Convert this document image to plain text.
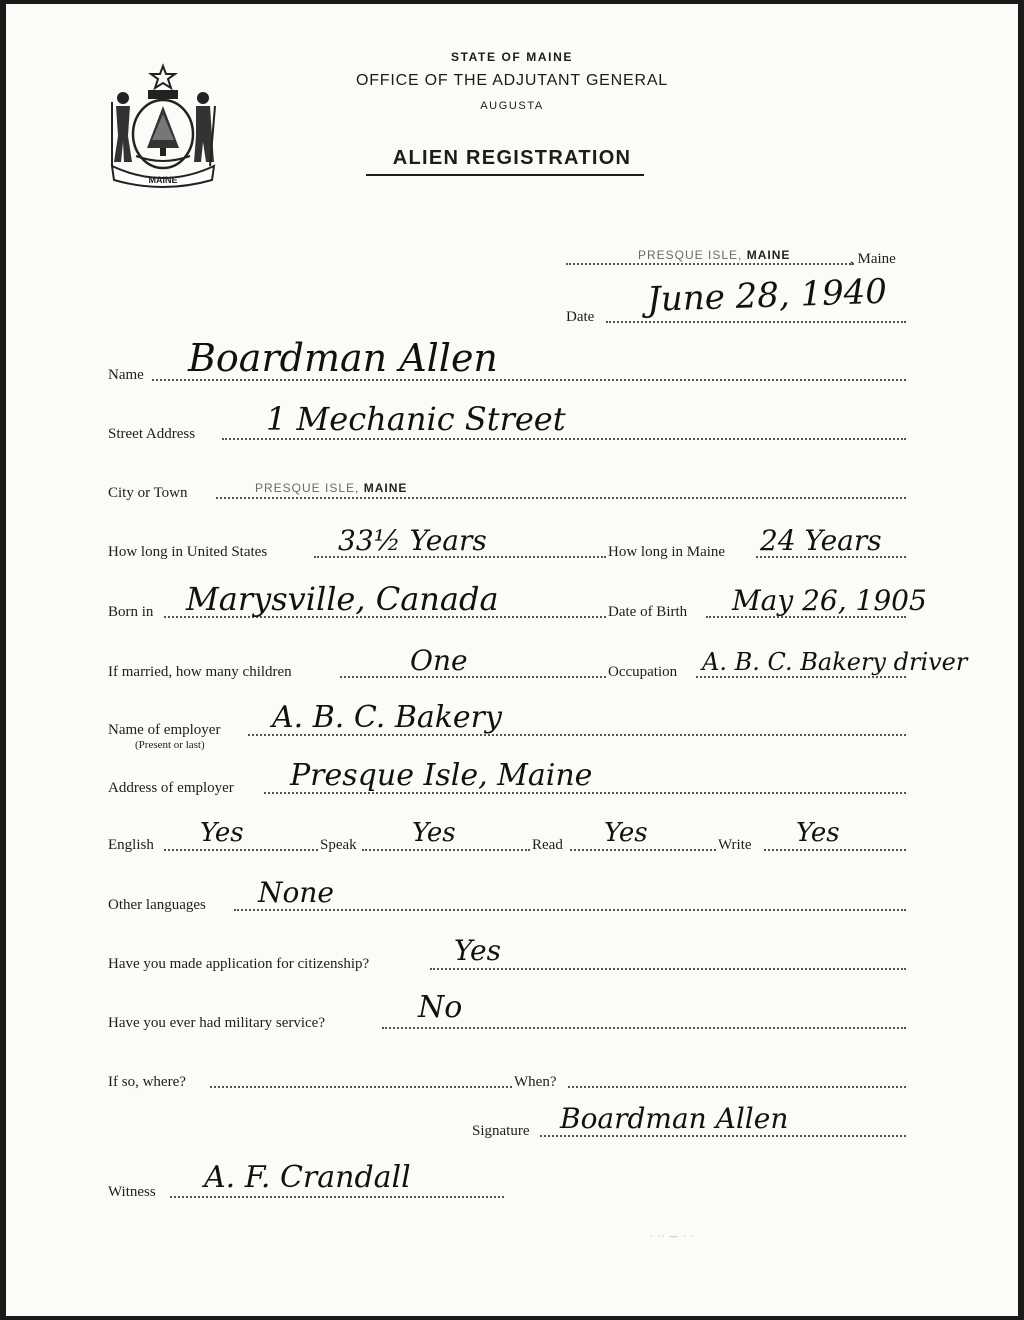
MAINE
STATE OF MAINE
OFFICE OF THE ADJUTANT GENERAL
AUGUSTA
ALIEN REGISTRATION
PRESQUE ISLE, MAINE	, Maine
Date June 28, 1940
Name Boardman Allen
Street Address 1 Mechanic Street
City or Town	PRESQUE ISLE, MAINE
How long in United States	33½ Years	How long in Maine 24 Years
Born in Marysville, Canada	Date of Birth May 26, 1905
If married, how many children	One	Occupation A. B. C. Bakery driver
Name of employer
(Present or last)
A. B. C. Bakery
Address of employer Presque Isle, Maine
English Yes	Speak Yes	Read Yes	Write Yes
Other languages None
Have you made application for citizenship?	Yes
Have you ever had military service?	No
If so, where?	When?
Signature Boardman Allen
Witness A. F. Crandall
· ·· — · ·
